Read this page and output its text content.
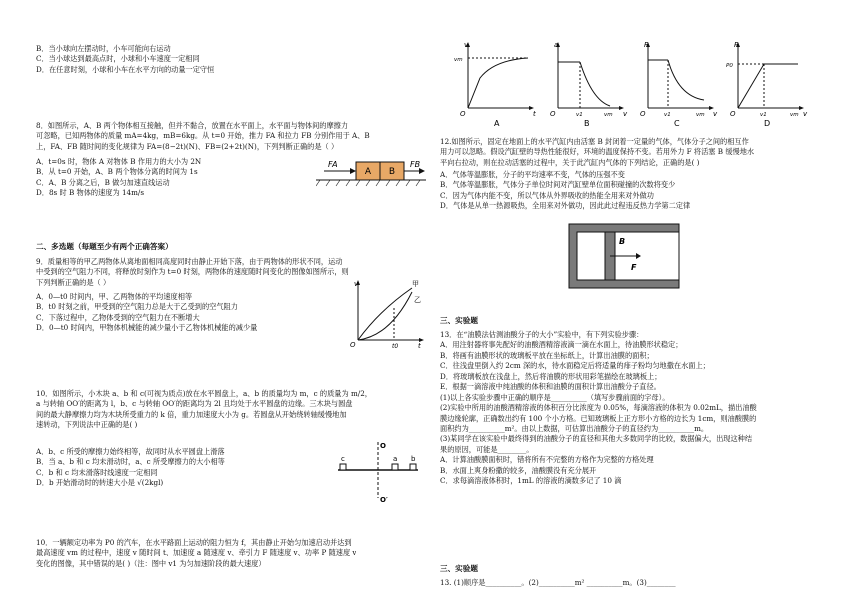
B．当小球向左摆动时，小车可能向右运动

C．当小球达到最高点时，小球和小车速度一定相同

D．在任意时刻，小球和小车在水平方向的动量一定守恒

8．如图所示，A、B 两个物体相互接触，但并不黏合，放置在水平面上，水平面与物体间的摩擦力

可忽略，已知两物体的质量 mA=4kg，mB=6kg。从 t=0 开始，推力 FA 和拉力 FB 分别作用于 A、B

上，FA、FB 随时间的变化规律为 FA=(8−2t)(N)、FB=(2+2t)(N)，下列判断正确的是（ ）

A．t=0s 时，物体 A 对物体 B 作用力的大小为 2N

B．从 t=0 开始，A、B 两个物体分离的时间为 1s

C．A、B 分离之后，B 做匀加速直线运动

D．8s 时 B 物体的速度为 14m/s

A B
FA	FB

二、多选题（每题至少有两个正确答案）

9．质量相等的甲乙两物体从离地面相同高度同时由静止开始下落，由于两物体的形状不同，运动

中受到的空气阻力不同，将释放时刻作为 t=0 时刻，两物体的速度随时间变化的图像如图所示，则

下列判断正确的是（ ）

A．0—t0 时间内，甲、乙两物体的平均速度相等

B．t0 时刻之前，甲受到的空气阻力总是大于乙受到的空气阻力

C．下落过程中，乙物体受到的空气阻力在不断增大

D．0—t0 时间内，甲物体机械能的减少量小于乙物体机械能的减少量

v
t
O	t0
甲
乙

10．如图所示，小木块 a、b 和 c(可视为质点)放在水平圆盘上，a、b 的质量均为 m，c 的质量为 m/2，

a 与转轴 OO′的距离为 l，b、c 与转轴 OO′的距离均为 2l 且均处于水平圆盘的边缘。三木块与圆盘

间的最大静摩擦力均为木块所受重力的 k 倍，重力加速度大小为 g。若圆盘从开始绕转轴缓慢地加

速转动，下列说法中正确的是( )

A．b、c 所受的摩擦力始终相等，故同时从水平圆盘上滑落

B．当 a、b 和 c 均未滑动时，a、c 所受摩擦力的大小相等

C．b 和 c 均未滑落时线速度一定相同

D．b 开始滑动时的转速大小是 √(2kgl)

O
O′
c	a b

10．一辆额定功率为 P0 的汽车，在水平路面上运动的阻力恒为 f，其由静止开始匀加速启动并达到

最高速度 vm 的过程中，速度 v 随时间 t、加速度 a 随速度 v、牵引力 F 随速度 v、功率 P 随速度 v

变化的图像，其中错误的是( )（注：图中 v1 为匀加速阶段的最大速度）

v
t
O
vm
A
a
v
O	v1	vm
B
F
v
O	v1	vm
C
P
v
O
P0
v1	vm
D

12.如图所示，固定在地面上的水平汽缸内由活塞 B 封闭着一定量的气体，气体分子之间的相互作

用力可以忽略。假设汽缸壁的导热性能很好，环境的温度保持不变。若用外力 F 将活塞 B 缓慢地水

平向右拉动，则在拉动活塞的过程中，关于此汽缸内气体的下列结论，正确的是( )

A．气体等温膨胀，分子的平均速率不变，气体的压强不变

B．气体等温膨胀，气体分子单位时间对汽缸壁单位面积碰撞的次数将变少

C．因为气体内能不变，所以气体从外界吸收的热能全用来对外做功

D．气体是从单一热源吸热，全用来对外做功，因此此过程违反热力学第二定律

B
F

三、实验题

13．在“油膜法估测油酸分子的大小”实验中，有下列实验步骤：

A．用注射器将事先配好的油酸酒精溶液滴一滴在水面上，待油膜形状稳定；

B．将画有油膜形状的玻璃板平放在坐标纸上，计算出油膜的面积；

C．往浅盘里倒入约 2cm 深的水，待水面稳定后将适量的痱子粉均匀地撒在水面上；

D．将玻璃板放在浅盘上，然后将油膜的形状用彩笔描绘在玻璃板上；

E．根据一滴溶液中纯油酸的体积和油膜的面积计算出油酸分子直径。

(1)以上各实验步骤中正确的顺序是__________（填写步骤前面的字母）。

(2)实验中所用的油酸酒精溶液的体积百分比浓度为 0.05%，每滴溶液的体积为 0.02mL，描出油酸

膜边缘轮廓，正确数出约有 100 个小方格。已知玻璃板上正方形小方格的边长为 1cm，则油酸膜的

面积约为__________m²。由以上数据，可估算出油酸分子的直径约为__________m。

(3)某同学在该实验中最终得到的油酸分子的直径和其他大多数同学的比较，数据偏大，出现这种结

果的原因，可能是________。

A．计算油酸膜面积时，错将所有不完整的方格作为完整的方格处理

B．水面上爽身粉撒的较多，油酸膜没有充分展开

C．求每滴溶液体积时，1mL 的溶液的滴数多记了 10 滴

三、实验题

13. (1)顺序是__________。(2)__________m² __________m。(3)________
